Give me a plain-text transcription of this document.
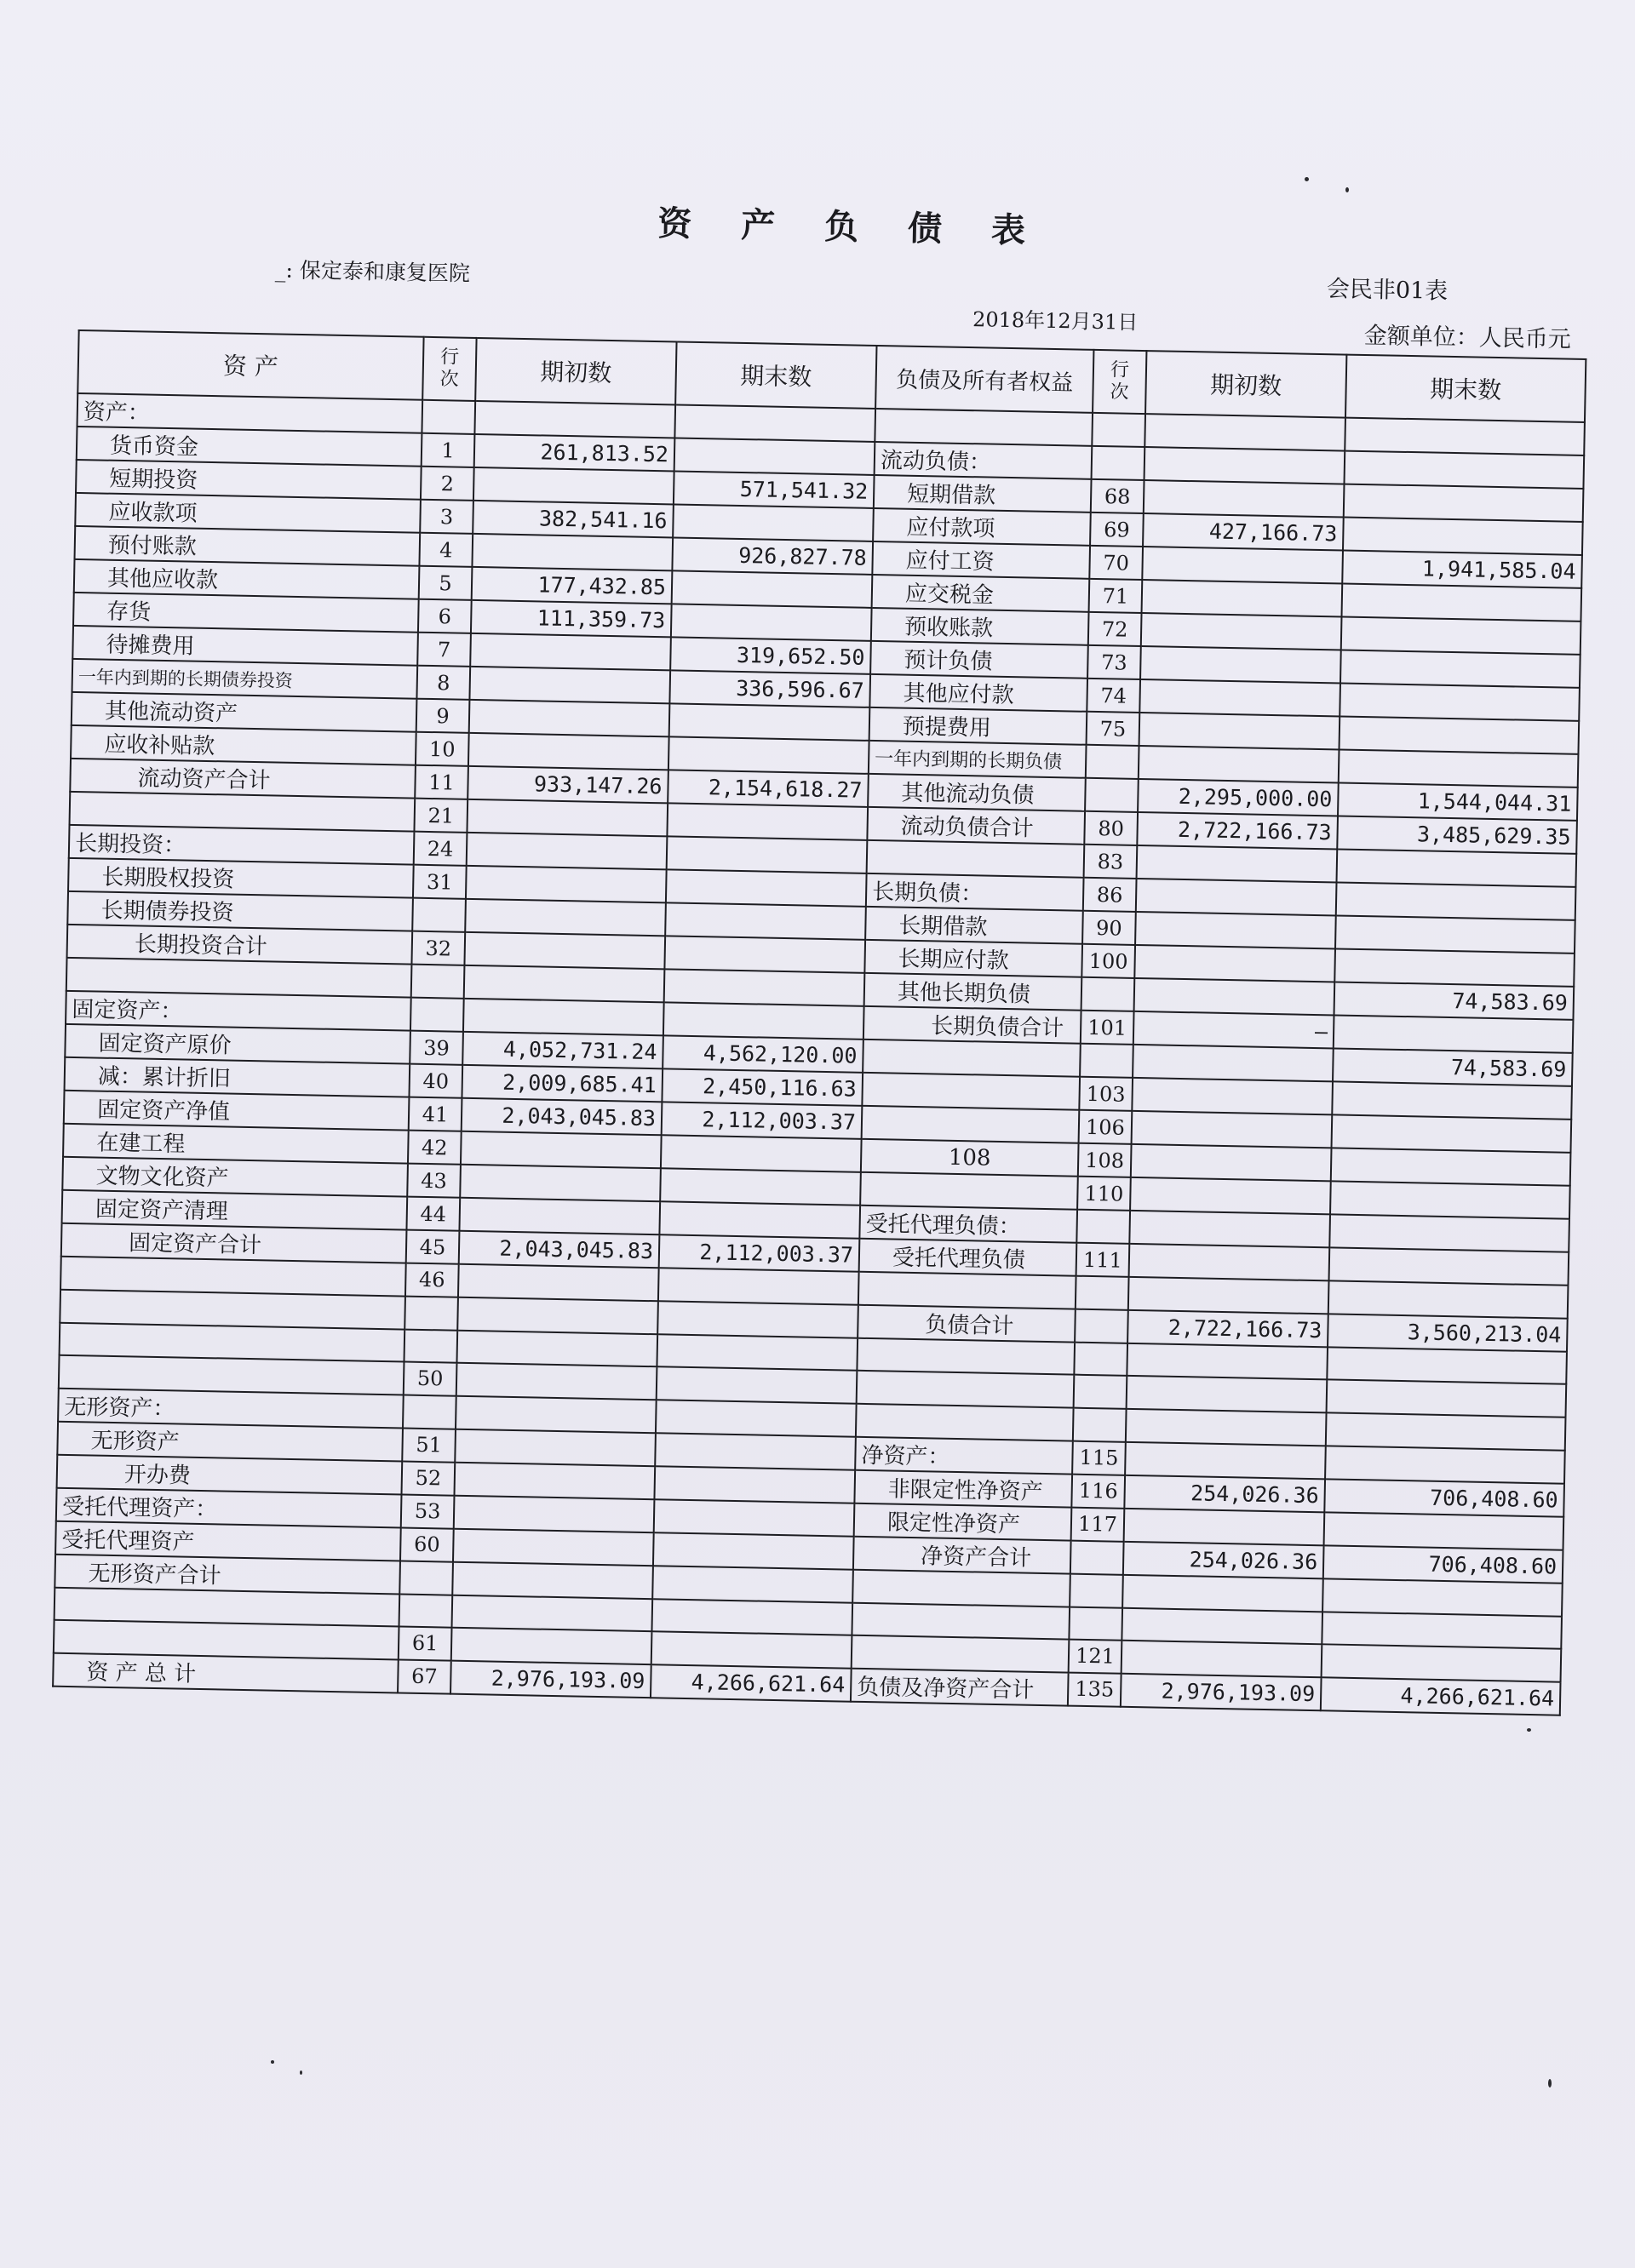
资 产 负 债 表
_: 保定泰和康复医院
会民非01表
2018年12月31日
金额单位：人民币元
资 产	行次	期初数	期末数	负债及所有者权益	行次	期初数	期末数
资产：							
货币资金	1	261,813.52		流动负债：			
短期投资	2		571,541.32	短期借款	68		
应收款项	3	382,541.16		应付款项	69	427,166.73	
预付账款	4		926,827.78	应付工资	70		1,941,585.04
其他应收款	5	177,432.85		应交税金	71		
存货	6	111,359.73		预收账款	72		
待摊费用	7		319,652.50	预计负债	73		
一年内到期的长期债券投资	8		336,596.67	其他应付款	74		
其他流动资产	9			预提费用	75		
应收补贴款	10			一年内到期的长期负债			
流动资产合计	11	933,147.26	2,154,618.27	其他流动负债		2,295,000.00	1,544,044.31
	21			流动负债合计	80	2,722,166.73	3,485,629.35
长期投资：	24				83		
长期股权投资	31			长期负债：	86		
长期债券投资				长期借款	90		
长期投资合计	32			长期应付款	100		
				其他长期负债			74,583.69
固定资产：				长期负债合计	101	–	
固定资产原价	39	4,052,731.24	4,562,120.00				74,583.69
减：累计折旧	40	2,009,685.41	2,450,116.63		103		
固定资产净值	41	2,043,045.83	2,112,003.37		106		
在建工程	42			108	108		
文物文化资产	43				110		
固定资产清理	44			受托代理负债：			
固定资产合计	45	2,043,045.83	2,112,003.37	受托代理负债	111		
	46						
				负债合计		2,722,166.73	3,560,213.04

	50						
无形资产：							
无形资产	51			净资产：	115		
开办费	52			非限定性净资产	116	254,026.36	706,408.60
受托代理资产：	53			限定性净资产	117		
受托代理资产	60			净资产合计		254,026.36	706,408.60
无形资产合计							

	61				121		
资 产 总 计	67	2,976,193.09	4,266,621.64	负债及净资产合计	135	2,976,193.09	4,266,621.64
